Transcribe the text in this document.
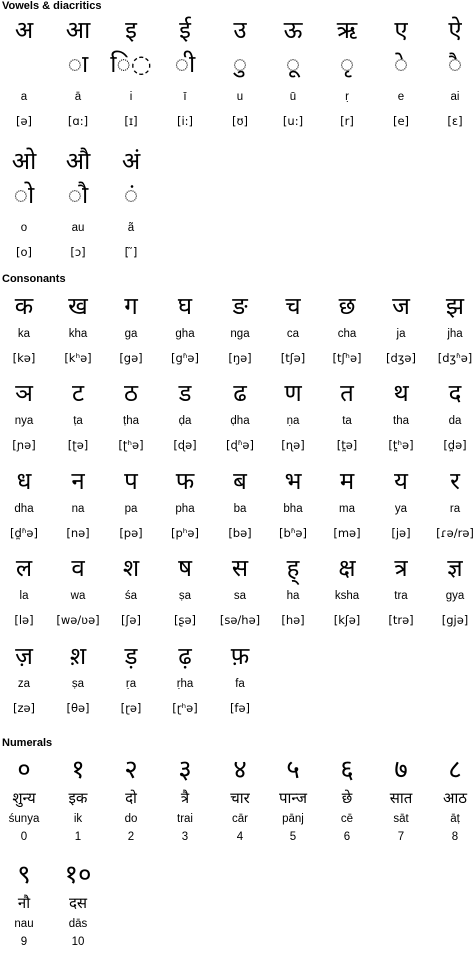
Vowels & diacritics
Consonants
Numerals
अ
a
[ə]
आ
◌ा
ā
[ɑ:]
इ
ि◌
i
[ɪ]
ई
◌ी
ī
[i:]
उ
◌ु
u
[ʊ]
ऊ
◌ू
ū
[u:]
ऋ
◌ृ
ṛ
[r]
ए
◌े
e
[e]
ऐ
◌ै
ai
[ɛ]
ओ
◌ो
o
[o]
औ
◌ौ
au
[ɔ]
अं
◌ं
ã
[ ̃]
क
ka
[kə]
ख
kha
[kʰə]
ग
ga
[gə]
घ
gha
[gʱə]
ङ
nga
[ŋə]
च
ca
[tʃə]
छ
cha
[tʃʰə]
ज
ja
[dʒə]
झ
jha
[dʒʱə]
ञ
nya
[ɲə]
ट
ṭa
[ʈə]
ठ
ṭha
[ʈʰə]
ड
ḍa
[ɖə]
ढ
ḍha
[ɖʱə]
ण
ṇa
[ɳə]
त
ta
[t̪ə]
थ
tha
[t̪ʰə]
द
da
[d̪ə]
ध
dha
[d̪ʱə]
न
na
[nə]
प
pa
[pə]
फ
pha
[pʰə]
ब
ba
[bə]
भ
bha
[bʱə]
म
ma
[mə]
य
ya
[jə]
र
ra
[ɾə/rə]
ल
la
[lə]
व
wa
[wə/ʋə]
श
śa
[ʃə]
ष
ṣa
[ʂə]
स
sa
[sə/hə]
ह्
ha
[hə]
क्ष
ksha
[kʃə]
त्र
tra
[trə]
ज्ञ
gya
[gjə]
ज़
za
[zə]
श़
ṣa
[θə]
ड़
ṛa
[ɽə]
ढ़
ṛha
[ɽʰə]
फ़
fa
[fə]
०
शुन्य
śunya
0
१
इक
ik
1
२
दो
do
2
३
त्रै
trai
3
४
चार
cār
4
५
पान्ज
pānj
5
६
छे
cē
6
७
सात
sāt
7
८
आठ
āṭ
8
९
नौ
nau
9
१०
दस
dās
10
